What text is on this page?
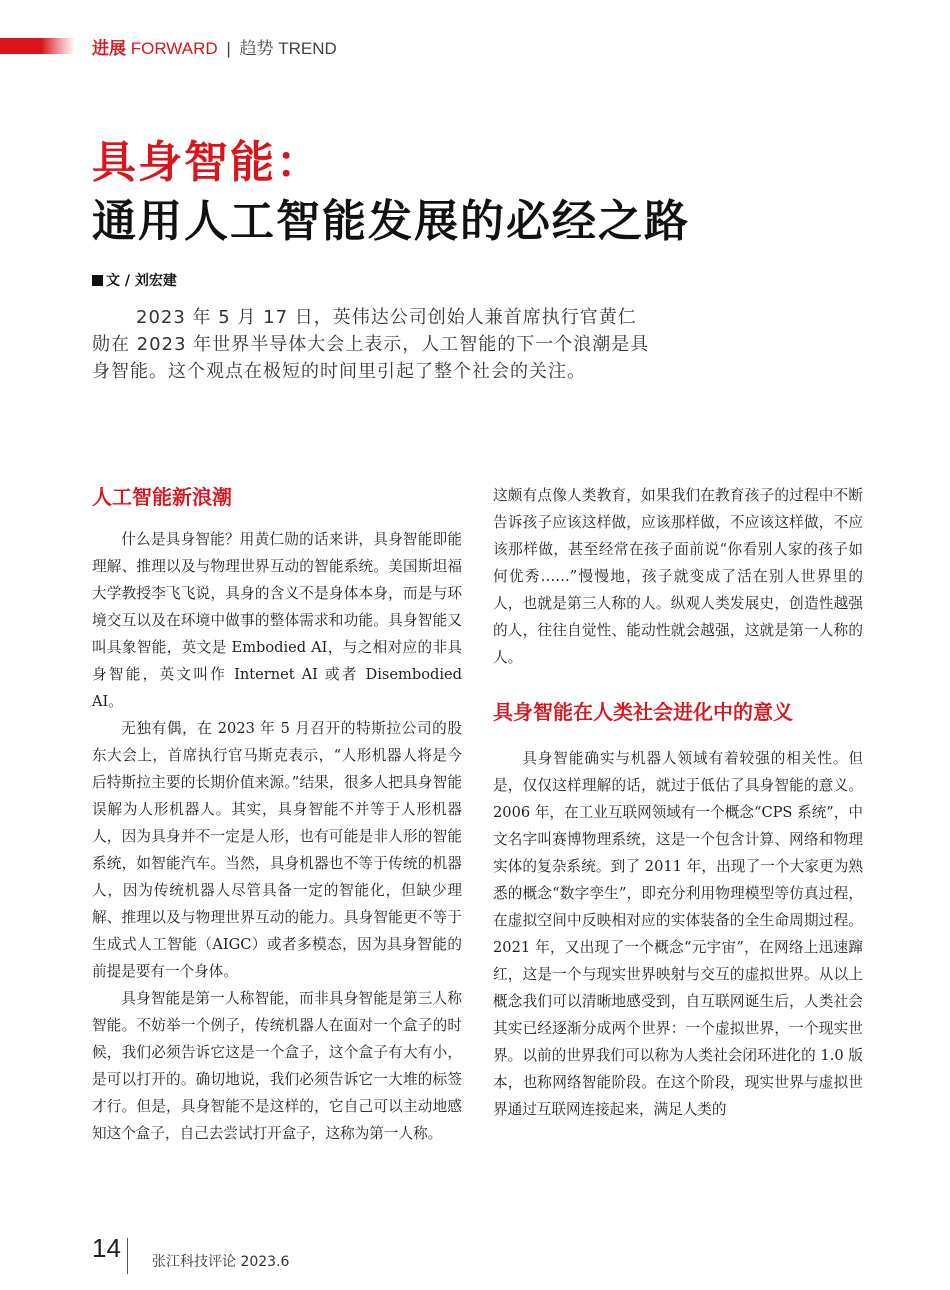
进展 FORWARD | 趋势 TREND
具身智能：
通用人工智能发展的必经之路
文 / 刘宏建

2023 年 5 月 17 日，英伟达公司创始人兼首席执行官黄仁勋在 2023 年世界半导体大会上表示，人工智能的下一个浪潮是具身智能。这个观点在极短的时间里引起了整个社会的关注。

人工智能新浪潮

什么是具身智能？用黄仁勋的话来讲，具身智能即能理解、推理以及与物理世界互动的智能系统。美国斯坦福大学教授李飞飞说，具身的含义不是身体本身，而是与环境交互以及在环境中做事的整体需求和功能。具身智能又叫具象智能，英文是 Embodied AI，与之相对应的非具身智能，英文叫作 Internet AI 或者 Disembodied AI。

无独有偶，在 2023 年 5 月召开的特斯拉公司的股东大会上，首席执行官马斯克表示，“人形机器人将是今后特斯拉主要的长期价值来源。”结果，很多人把具身智能误解为人形机器人。其实，具身智能不并等于人形机器人，因为具身并不一定是人形，也有可能是非人形的智能系统，如智能汽车。当然，具身机器也不等于传统的机器人，因为传统机器人尽管具备一定的智能化，但缺少理解、推理以及与物理世界互动的能力。具身智能更不等于生成式人工智能（AIGC）或者多模态，因为具身智能的前提是要有一个身体。

具身智能是第一人称智能，而非具身智能是第三人称智能。不妨举一个例子，传统机器人在面对一个盒子的时候，我们必须告诉它这是一个盒子，这个盒子有大有小，是可以打开的。确切地说，我们必须告诉它一大堆的标签才行。但是，具身智能不是这样的，它自己可以主动地感知这个盒子，自己去尝试打开盒子，这称为第一人称。

这颇有点像人类教育，如果我们在教育孩子的过程中不断告诉孩子应该这样做，应该那样做，不应该这样做，不应该那样做，甚至经常在孩子面前说“你看别人家的孩子如何优秀……”慢慢地，孩子就变成了活在别人世界里的人，也就是第三人称的人。纵观人类发展史，创造性越强的人，往往自觉性、能动性就会越强，这就是第一人称的人。

具身智能在人类社会进化中的意义

具身智能确实与机器人领域有着较强的相关性。但是，仅仅这样理解的话，就过于低估了具身智能的意义。2006 年，在工业互联网领域有一个概念“CPS 系统”，中文名字叫赛博物理系统，这是一个包含计算、网络和物理实体的复杂系统。到了 2011 年，出现了一个大家更为熟悉的概念“数字孪生”，即充分利用物理模型等仿真过程，在虚拟空间中反映相对应的实体装备的全生命周期过程。2021 年，又出现了一个概念“元宇宙”，在网络上迅速蹿红，这是一个与现实世界映射与交互的虚拟世界。从以上概念我们可以清晰地感受到，自互联网诞生后，人类社会其实已经逐渐分成两个世界：一个虚拟世界，一个现实世界。以前的世界我们可以称为人类社会闭环进化的 1.0 版本，也称网络智能阶段。在这个阶段，现实世界与虚拟世界通过互联网连接起来，满足人类的

14 张江科技评论 2023.6
